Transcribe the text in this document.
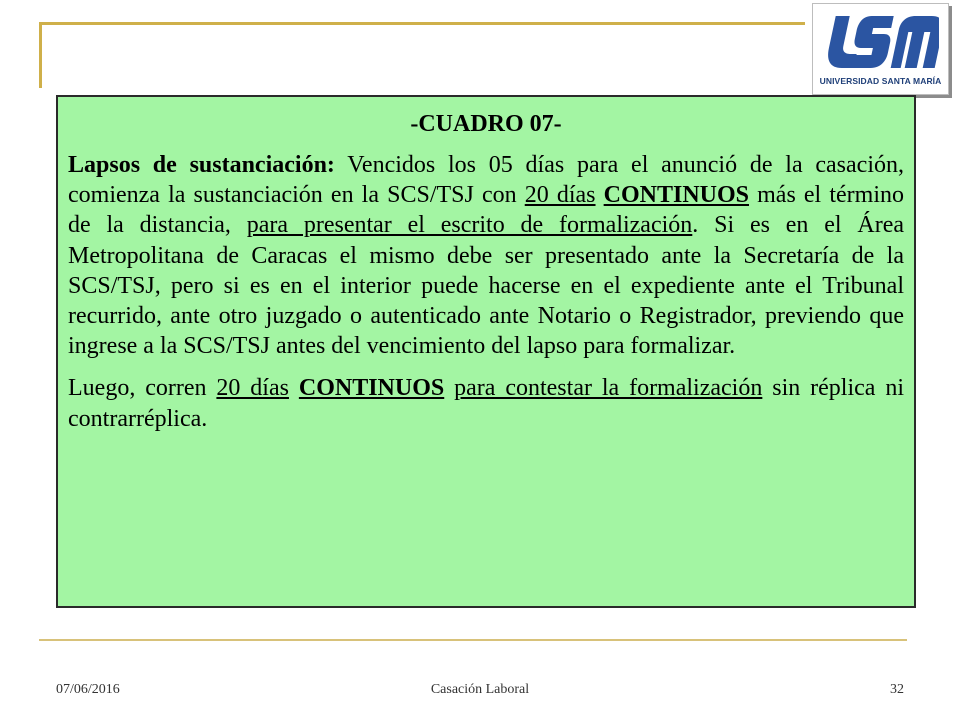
UNIVERSIDAD SANTA MARÍA

-CUADRO 07-

Lapsos de sustanciación: Vencidos los 05 días para el anunció de la casación, comienza la sustanciación en la SCS/TSJ con 20 días CONTINUOS más el término de la distancia, para presentar el escrito de formalización. Si es en el Área Metropolitana de Caracas el mismo debe ser presentado ante la Secretaría de la SCS/TSJ, pero si es en el interior puede hacerse en el expediente ante el Tribunal recurrido, ante otro juzgado o autenticado ante Notario o Registrador, previendo que ingrese a la SCS/TSJ antes del vencimiento del lapso para formalizar.

Luego, corren 20 días CONTINUOS para contestar la formalización sin réplica ni contrarréplica.

07/06/2016	Casación Laboral	32
